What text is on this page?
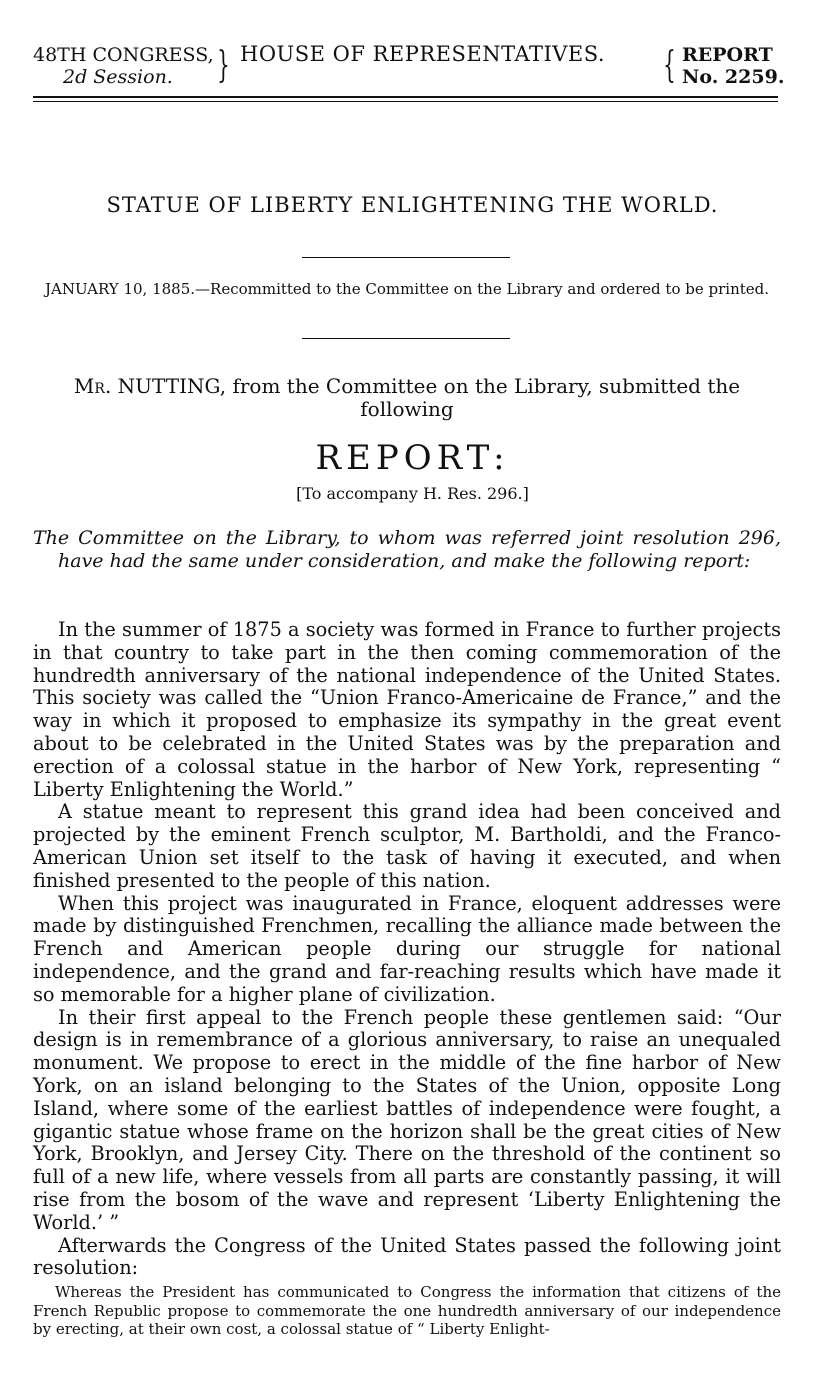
48TH CONGRESS,
2d Session.	} HOUSE OF REPRESENTATIVES. { REPORT
No. 2259.
STATUE OF LIBERTY ENLIGHTENING THE WORLD.
JANUARY 10, 1885.—Recommitted to the Committee on the Library and ordered to be printed.
Mr. NUTTING, from the Committee on the Library, submitted the following
REPORT:
[To accompany H. Res. 296.]
The Committee on the Library, to whom was referred joint resolution 296, have had the same under consideration, and make the following report:

In the summer of 1875 a society was formed in France to further projects in that country to take part in the then coming commemoration of the hundredth anniversary of the national independence of the United States. This society was called the “Union Franco-Americaine de France,” and the way in which it proposed to emphasize its sympathy in the great event about to be celebrated in the United States was by the preparation and erection of a colossal statue in the harbor of New York, representing “ Liberty Enlightening the World.”

A statue meant to represent this grand idea had been conceived and projected by the eminent French sculptor, M. Bartholdi, and the Franco-American Union set itself to the task of having it executed, and when finished presented to the people of this nation.

When this project was inaugurated in France, eloquent addresses were made by distinguished Frenchmen, recalling the alliance made between the French and American people during our struggle for national independence, and the grand and far-reaching results which have made it so memorable for a higher plane of civilization.

In their first appeal to the French people these gentlemen said: “Our design is in remembrance of a glorious anniversary, to raise an unequaled monument. We propose to erect in the middle of the fine harbor of New York, on an island belonging to the States of the Union, opposite Long Island, where some of the earliest battles of independence were fought, a gigantic statue whose frame on the horizon shall be the great cities of New York, Brooklyn, and Jersey City. There on the threshold of the continent so full of a new life, where vessels from all parts are constantly passing, it will rise from the bosom of the wave and represent ‘Liberty Enlightening the World.’ ”

Afterwards the Congress of the United States passed the following joint resolution:

Whereas the President has communicated to Congress the information that citizens of the French Republic propose to commemorate the one hundredth anniversary of our independence by erecting, at their own cost, a colossal statue of “ Liberty Enlight-
